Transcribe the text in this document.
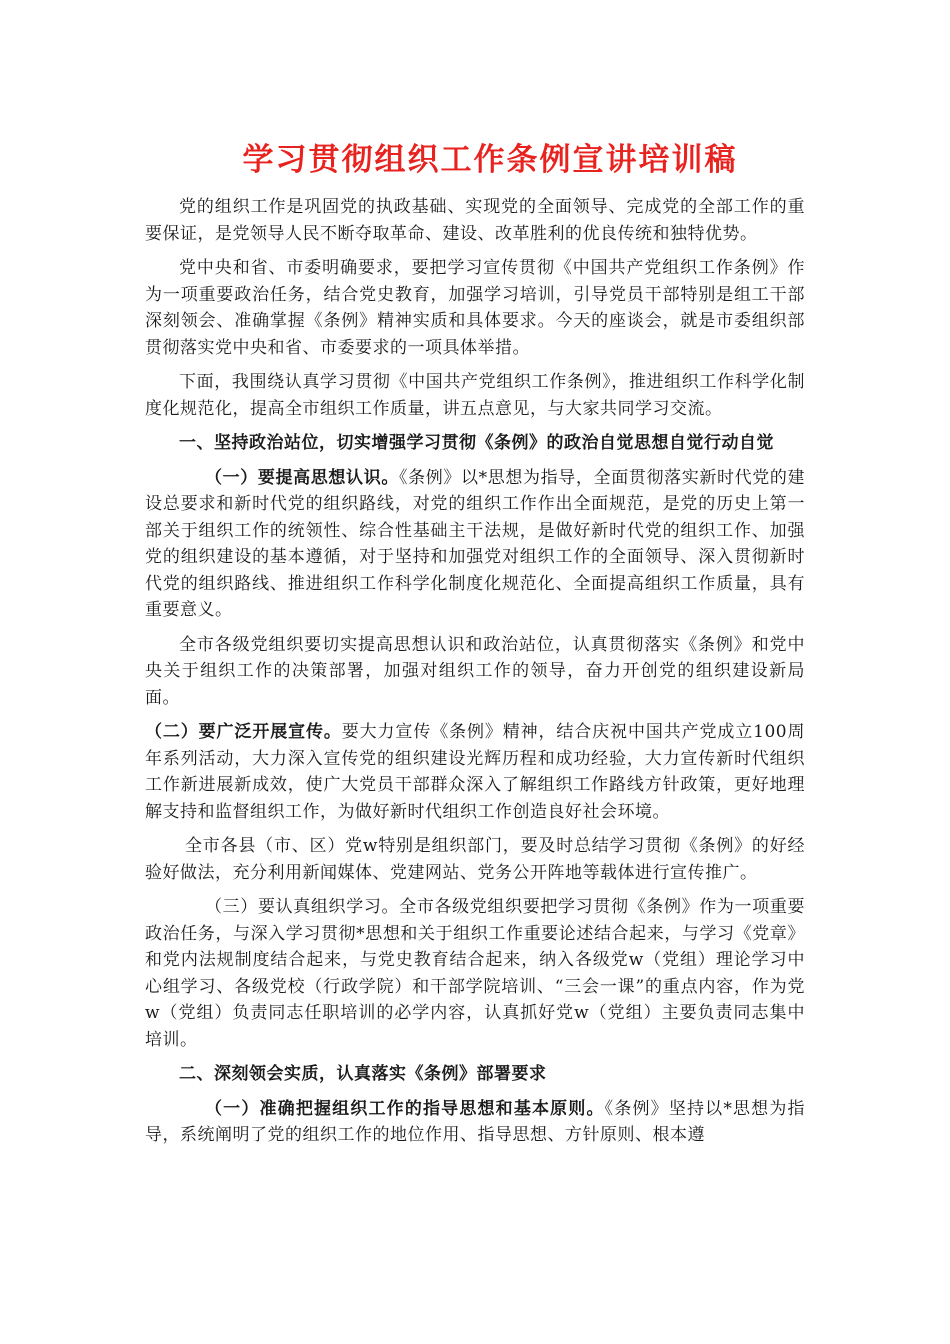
学习贯彻组织工作条例宣讲培训稿

党的组织工作是巩固党的执政基础、实现党的全面领导、完成党的全部工作的重要保证，是党领导人民不断夺取革命、建设、改革胜利的优良传统和独特优势。

党中央和省、市委明确要求，要把学习宣传贯彻《中国共产党组织工作条例》作为一项重要政治任务，结合党史教育，加强学习培训，引导党员干部特别是组工干部深刻领会、准确掌握《条例》精神实质和具体要求。今天的座谈会，就是市委组织部贯彻落实党中央和省、市委要求的一项具体举措。

下面，我围绕认真学习贯彻《中国共产党组织工作条例》，推进组织工作科学化制度化规范化，提高全市组织工作质量，讲五点意见，与大家共同学习交流。

一、坚持政治站位，切实增强学习贯彻《条例》的政治自觉思想自觉行动自觉

（一）要提高思想认识。《条例》以*思想为指导，全面贯彻落实新时代党的建设总要求和新时代党的组织路线，对党的组织工作作出全面规范，是党的历史上第一部关于组织工作的统领性、综合性基础主干法规，是做好新时代党的组织工作、加强党的组织建设的基本遵循，对于坚持和加强党对组织工作的全面领导、深入贯彻新时代党的组织路线、推进组织工作科学化制度化规范化、全面提高组织工作质量，具有重要意义。

全市各级党组织要切实提高思想认识和政治站位，认真贯彻落实《条例》和党中央关于组织工作的决策部署，加强对组织工作的领导，奋力开创党的组织建设新局面。

（二）要广泛开展宣传。要大力宣传《条例》精神，结合庆祝中国共产党成立100周年系列活动，大力深入宣传党的组织建设光辉历程和成功经验，大力宣传新时代组织工作新进展新成效，使广大党员干部群众深入了解组织工作路线方针政策，更好地理解支持和监督组织工作，为做好新时代组织工作创造良好社会环境。

全市各县（市、区）党w特别是组织部门，要及时总结学习贯彻《条例》的好经验好做法，充分利用新闻媒体、党建网站、党务公开阵地等载体进行宣传推广。

（三）要认真组织学习。全市各级党组织要把学习贯彻《条例》作为一项重要政治任务，与深入学习贯彻*思想和关于组织工作重要论述结合起来，与学习《党章》和党内法规制度结合起来，与党史教育结合起来，纳入各级党w（党组）理论学习中心组学习、各级党校（行政学院）和干部学院培训、“三会一课”的重点内容，作为党w（党组）负责同志任职培训的必学内容，认真抓好党w（党组）主要负责同志集中培训。

二、深刻领会实质，认真落实《条例》部署要求

（一）准确把握组织工作的指导思想和基本原则。《条例》坚持以*思想为指导，系统阐明了党的组织工作的地位作用、指导思想、方针原则、根本遵
